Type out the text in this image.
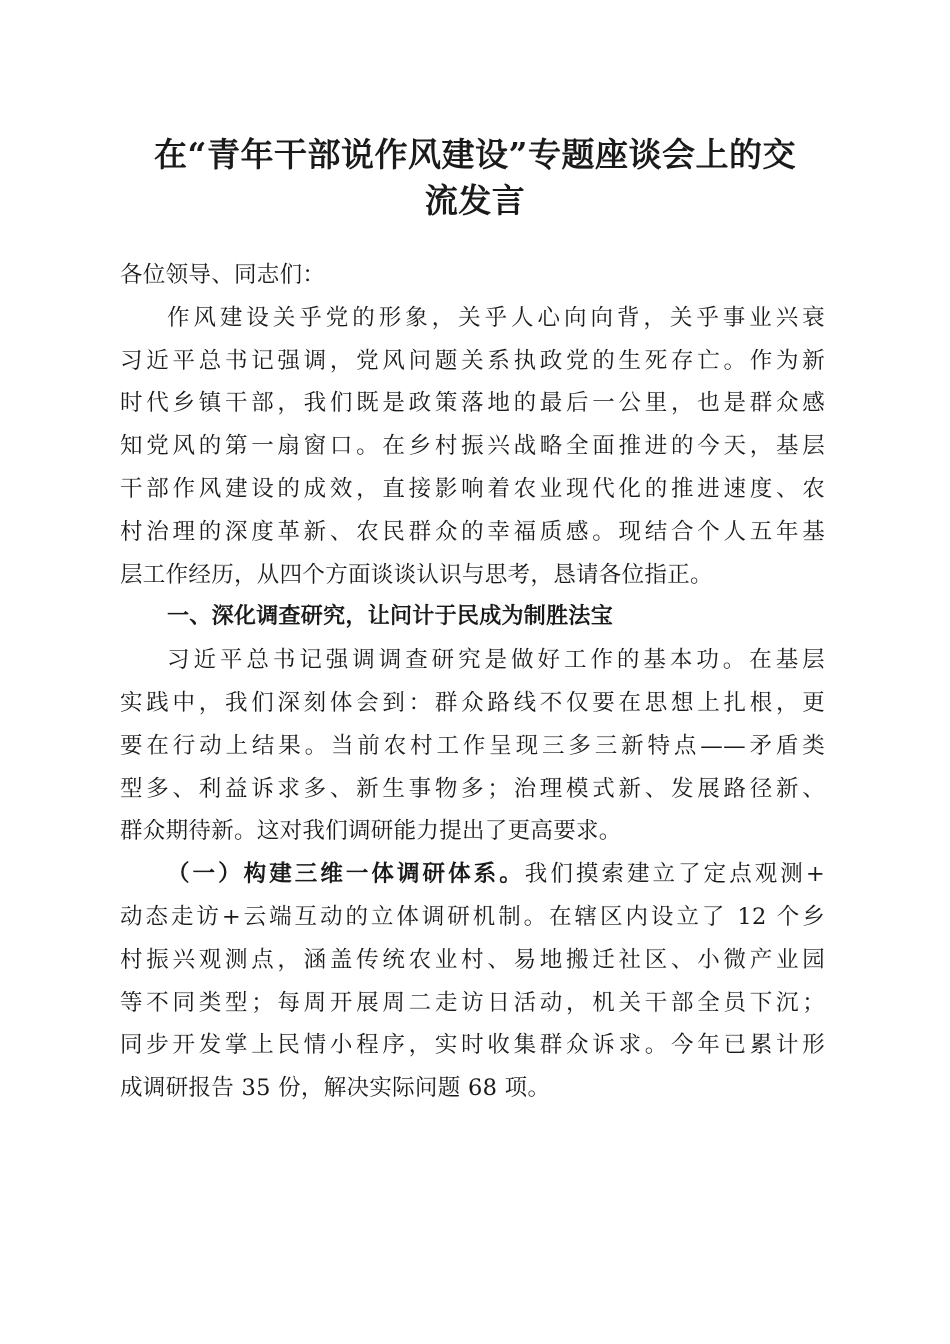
在“青年干部说作风建设”专题座谈会上的交
流发言
各位领导、同志们：
作风建设关乎党的形象，关乎人心向向背，关乎事业兴衰
习近平总书记强调，党风问题关系执政党的生死存亡。作为新
时代乡镇干部，我们既是政策落地的最后一公里，也是群众感
知党风的第一扇窗口。在乡村振兴战略全面推进的今天，基层
干部作风建设的成效，直接影响着农业现代化的推进速度、农
村治理的深度革新、农民群众的幸福质感。现结合个人五年基
层工作经历，从四个方面谈谈认识与思考，恳请各位指正。
一、深化调查研究，让问计于民成为制胜法宝
习近平总书记强调调查研究是做好工作的基本功。在基层
实践中，我们深刻体会到：群众路线不仅要在思想上扎根，更
要在行动上结果。当前农村工作呈现三多三新特点——矛盾类
型多、利益诉求多、新生事物多；治理模式新、发展路径新、
群众期待新。这对我们调研能力提出了更高要求。
（一）构建三维一体调研体系。我们摸索建立了定点观测+
动态走访+云端互动的立体调研机制。在辖区内设立了 12 个乡
村振兴观测点，涵盖传统农业村、易地搬迁社区、小微产业园
等不同类型；每周开展周二走访日活动，机关干部全员下沉；
同步开发掌上民情小程序，实时收集群众诉求。今年已累计形
成调研报告 35 份，解决实际问题 68 项。
